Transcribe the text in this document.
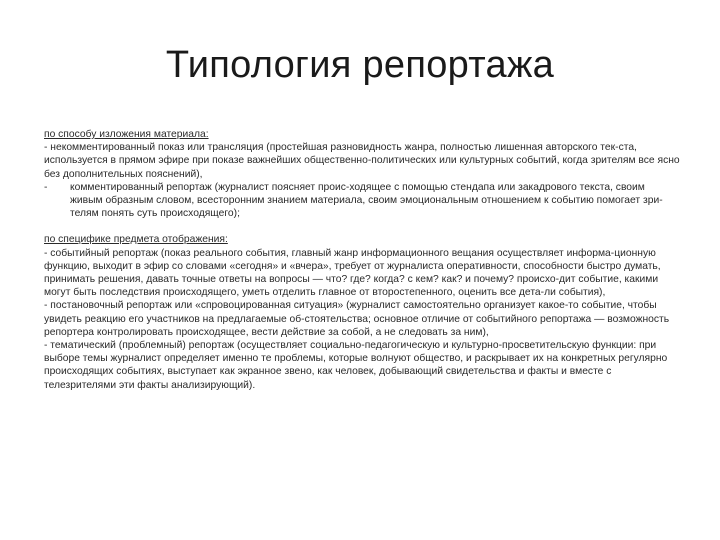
Типология репортажа

по способу изложения материала:

- некомментированный показ или трансляция (простейшая разновидность жанра, полностью лишенная авторского тек-ста, используется в прямом эфире при показе важнейших общественно-политических или культурных событий, когда зрителям все ясно без дополнительных пояснений),

-	комментированный репортаж (журналист поясняет проис-ходящее с помощью стендапа или закадрового текста, своим живым образным словом, всесторонним знанием материала, своим эмоциональным отношением к событию помогает зри-телям понять суть происходящего);

по специфике предмета отображения:

- событийный репортаж (показ реального события, главный жанр информационного вещания осуществляет информа-ционную функцию, выходит в эфир со словами «сегодня» и «вчера», требует от журналиста оперативности, способности быстро думать, принимать решения, давать точные ответы на вопросы — что? где? когда? с кем? как? и почему? происхо-дит событие, какими могут быть последствия происходящего, уметь отделить главное от второстепенного, оценить все дета-ли события),

- постановочный репортаж или «спровоцированная ситуация» (журналист самостоятельно организует какое-то событие, чтобы увидеть реакцию его участников на предлагаемые об-стоятельства; основное отличие от событийного репортажа — возможность репортера контролировать происходящее, вести действие за собой, а не следовать за ним),

- тематический (проблемный) репортаж (осуществляет социально-педагогическую и культурно-просветительскую функции: при выборе темы журналист определяет именно те проблемы, которые волнуют общество, и раскрывает их на конкретных регулярно происходящих событиях, выступает как экранное звено, как человек, добывающий свидетельства и факты и вместе с телезрителями эти факты анализирующий).
